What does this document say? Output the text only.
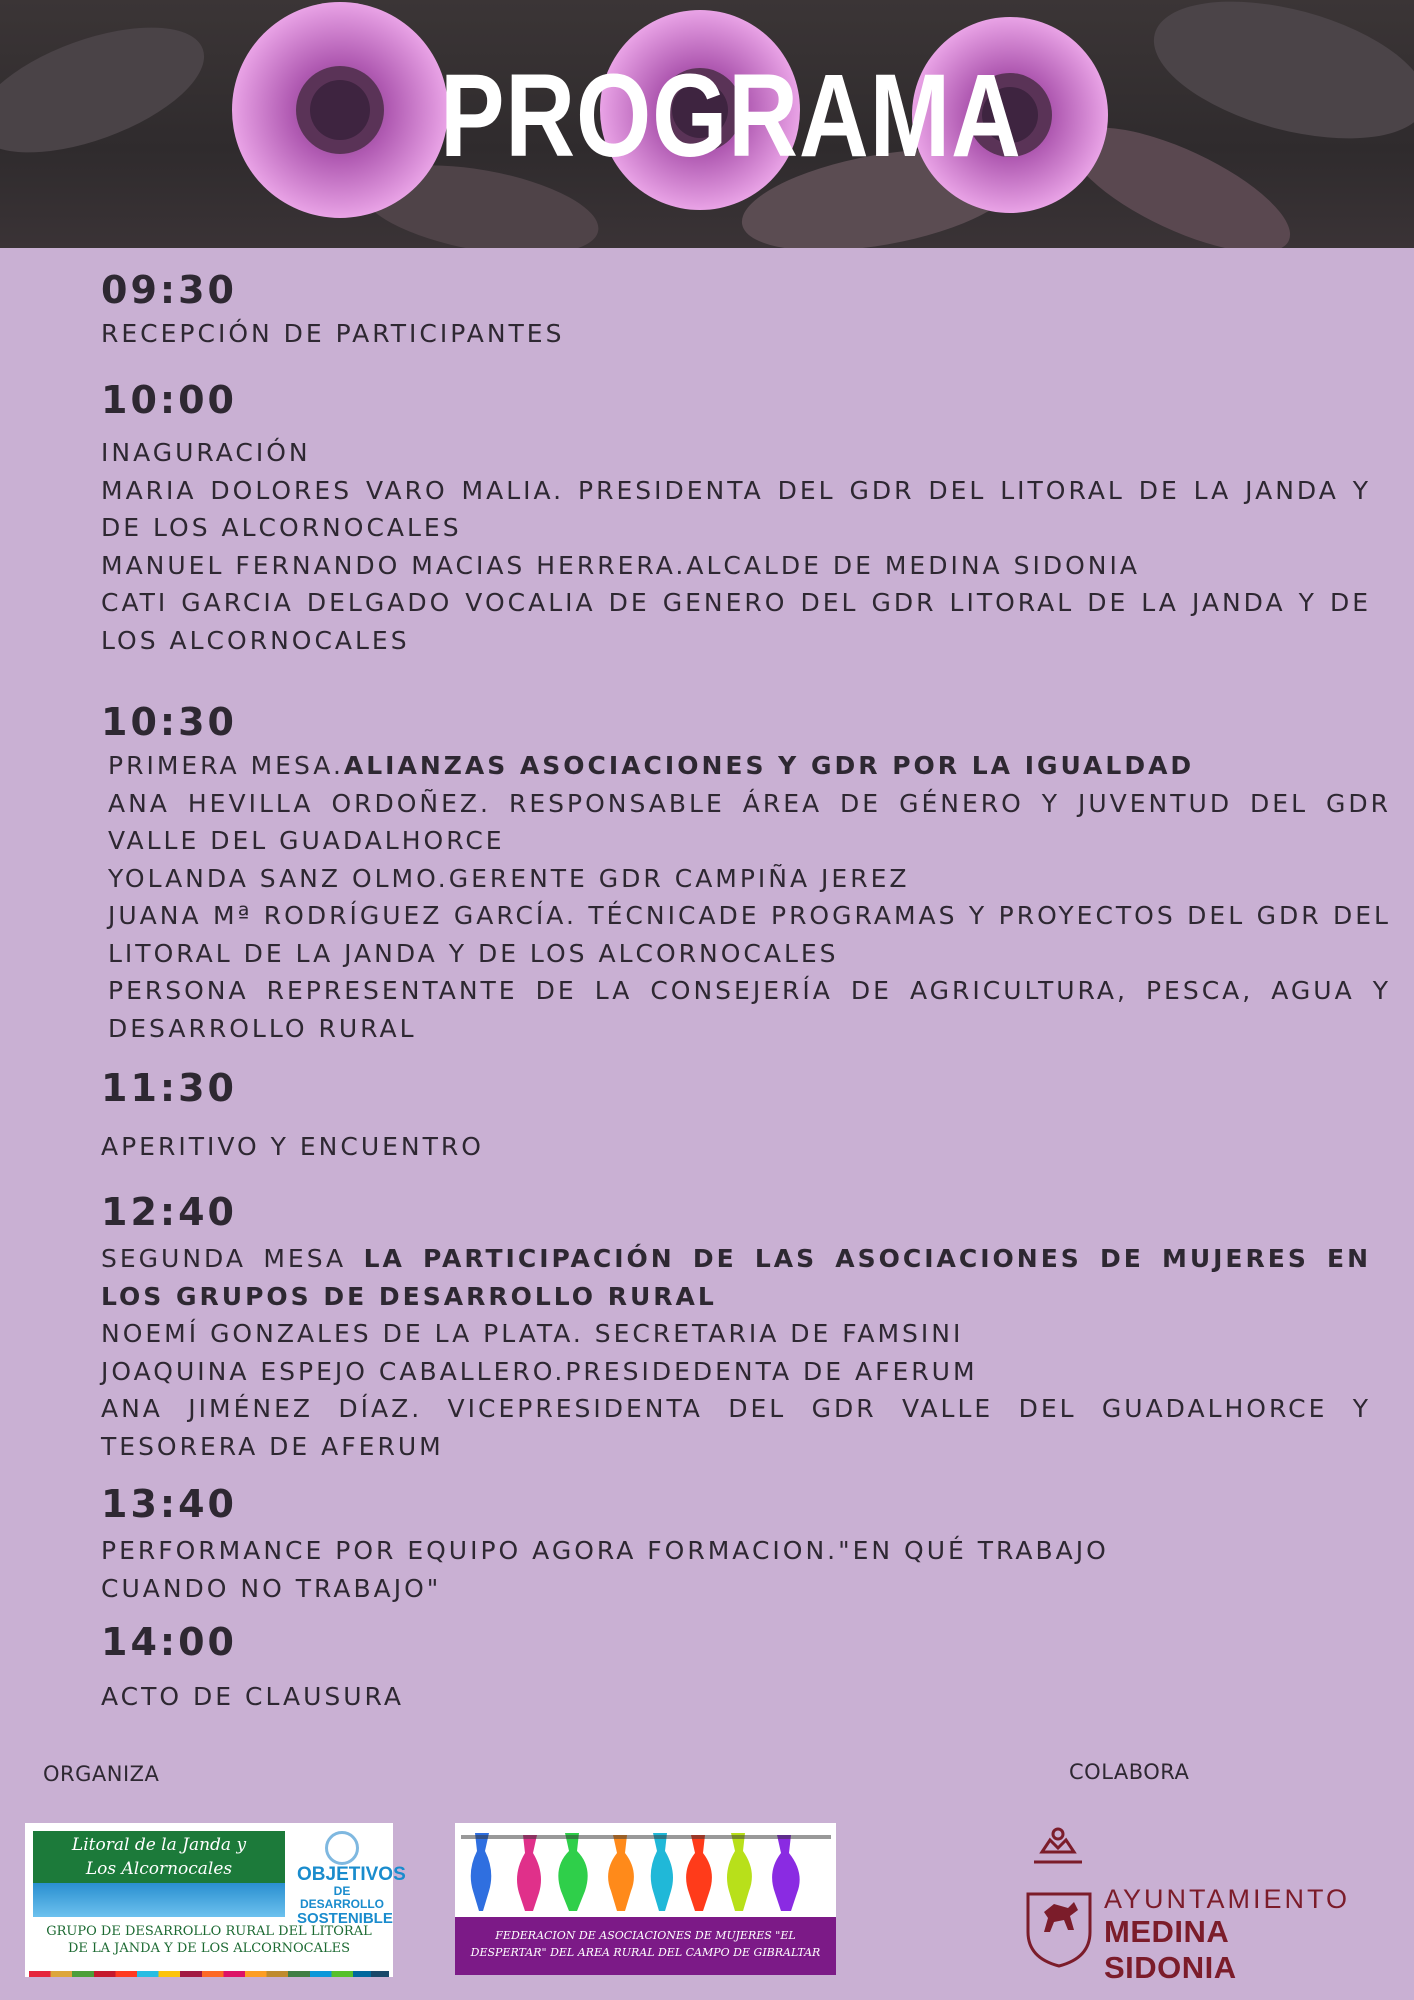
PROGRAMA
09:30
RECEPCIÓN DE PARTICIPANTES
10:00
INAGURACIÓN
MARIA DOLORES VARO MALIA. PRESIDENTA DEL GDR DEL LITORAL DE LA JANDA Y DE LOS ALCORNOCALES
MANUEL FERNANDO MACIAS HERRERA.ALCALDE DE MEDINA SIDONIA
CATI GARCIA DELGADO VOCALIA DE GENERO DEL GDR LITORAL DE LA JANDA Y DE LOS ALCORNOCALES
10:30
PRIMERA MESA.ALIANZAS ASOCIACIONES Y GDR POR LA IGUALDAD
ANA HEVILLA ORDOÑEZ. RESPONSABLE ÁREA DE GÉNERO Y JUVENTUD DEL GDR VALLE DEL GUADALHORCE
YOLANDA SANZ OLMO.GERENTE GDR CAMPIÑA JEREZ
JUANA Mª RODRÍGUEZ GARCÍA. TÉCNICADE PROGRAMAS Y PROYECTOS DEL GDR DEL LITORAL DE LA JANDA Y DE LOS ALCORNOCALES
PERSONA REPRESENTANTE DE LA CONSEJERÍA DE AGRICULTURA, PESCA, AGUA Y DESARROLLO RURAL
11:30
APERITIVO Y ENCUENTRO
12:40
SEGUNDA MESA LA PARTICIPACIÓN DE LAS ASOCIACIONES DE MUJERES EN LOS GRUPOS DE DESARROLLO RURAL
NOEMÍ GONZALES DE LA PLATA. SECRETARIA DE FAMSINI
JOAQUINA ESPEJO CABALLERO.PRESIDEDENTA DE AFERUM
ANA JIMÉNEZ DÍAZ. VICEPRESIDENTA DEL GDR VALLE DEL GUADALHORCE Y TESORERA DE AFERUM
13:40
PERFORMANCE POR EQUIPO AGORA FORMACION."EN QUÉ TRABAJO
CUANDO NO TRABAJO"
14:00
ACTO DE CLAUSURA
ORGANIZA	COLABORA
Litoral de la Janda y
Los Alcornocales	OBJETIVOS
DE DESARROLLO
SOSTENIBLE
GRUPO DE DESARROLLO RURAL DEL LITORAL
DE LA JANDA Y DE LOS ALCORNOCALES
FEDERACION DE ASOCIACIONES DE MUJERES "EL
DESPERTAR" DEL AREA RURAL DEL CAMPO DE GIBRALTAR
AYUNTAMIENTO
MEDINA SIDONIA
